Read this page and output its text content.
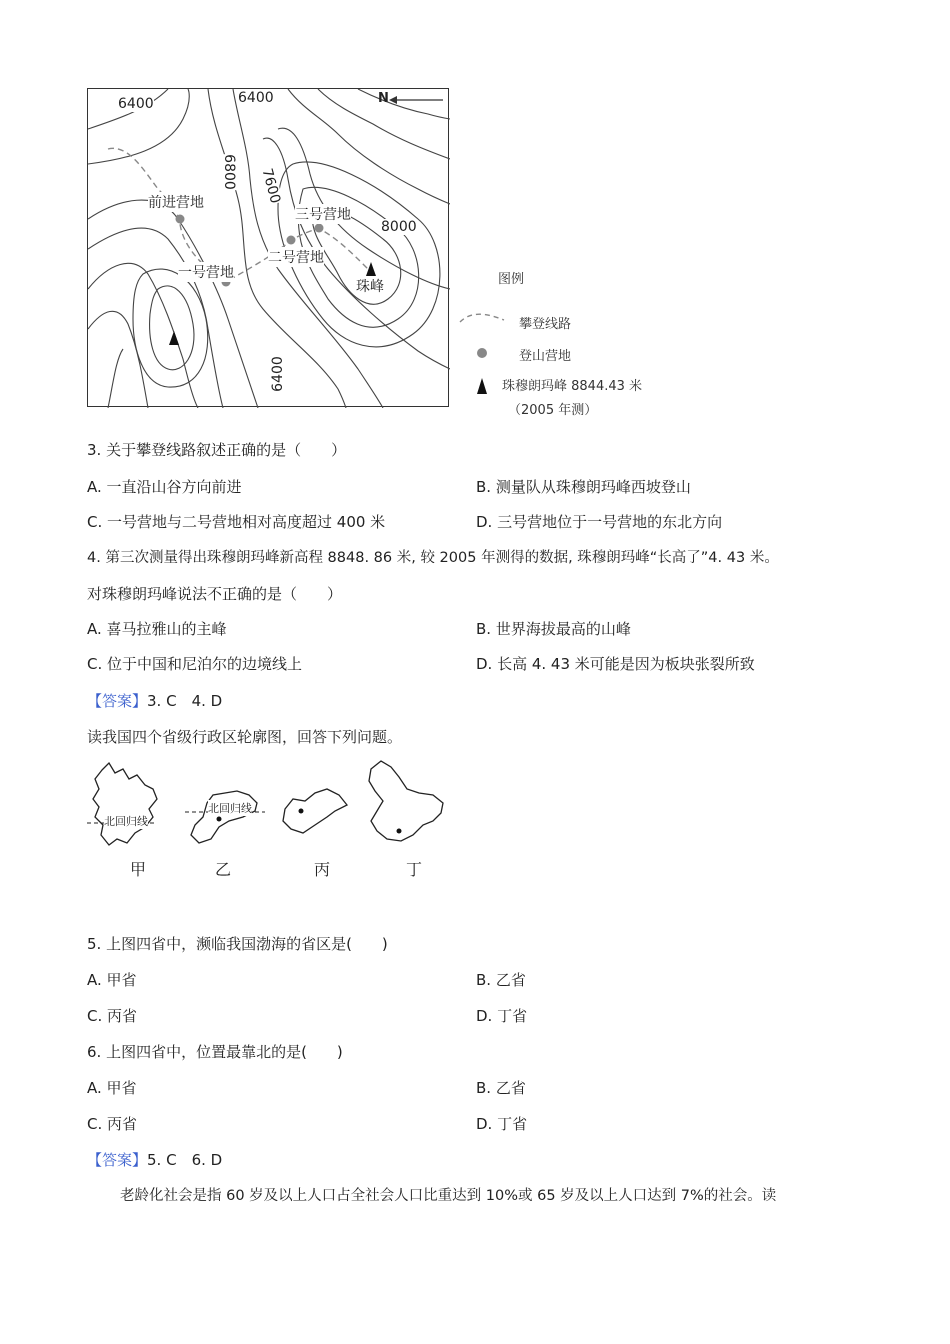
6400	6400
6800 7600
8000
6400
N
前进营地
三号营地
二号营地
一号营地
珠峰	图例
攀登线路
登山营地
珠穆朗玛峰 8844.43 米
（2005 年测）
3. 关于攀登线路叙述正确的是（　　）
A. 一直沿山谷方向前进	B. 测量队从珠穆朗玛峰西坡登山
C. 一号营地与二号营地相对高度超过 400 米	D. 三号营地位于一号营地的东北方向
4. 第三次测量得出珠穆朗玛峰新高程 8848. 86 米, 较 2005 年测得的数据, 珠穆朗玛峰“长高了”4. 43 米。
对珠穆朗玛峰说法不正确的是（　　）
A. 喜马拉雅山的主峰	B. 世界海拔最高的山峰
C. 位于中国和尼泊尔的边境线上	D. 长高 4. 43 米可能是因为板块张裂所致
【答案】3. C　4. D
读我国四个省级行政区轮廓图，回答下列问题。
北回归线
北回归线
甲	乙	丙	丁
5. 上图四省中，濒临我国渤海的省区是(　　)
A. 甲省	B. 乙省
C. 丙省	D. 丁省
6. 上图四省中，位置最靠北的是(　　)
A. 甲省	B. 乙省
C. 丙省	D. 丁省
【答案】5. C　6. D
老龄化社会是指 60 岁及以上人口占全社会人口比重达到 10%或 65 岁及以上人口达到 7%的社会。读
